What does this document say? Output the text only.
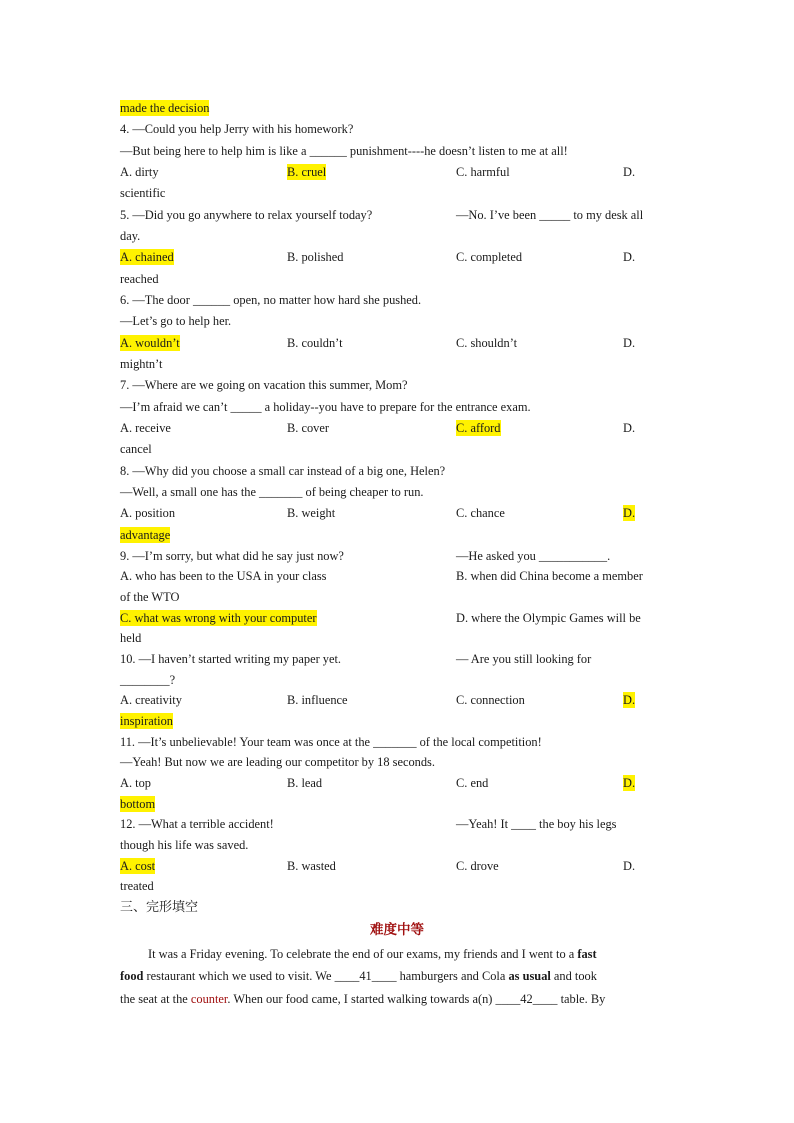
made the decision
4. —Could you help Jerry with his homework?
—But being here to help him is like a ______ punishment----he doesn’t listen to me at all!
A. dirty	B. cruel	C. harmful	D.
scientific
5. —Did you go anywhere to relax yourself today?	—No. I’ve been _____ to my desk all
day.
A. chained	B. polished	C. completed	D.
reached
6. —The door ______ open, no matter how hard she pushed.
—Let’s go to help her.
A. wouldn’t	B. couldn’t	C. shouldn’t	D.
mightn’t
7. —Where are we going on vacation this summer, Mom?
—I’m afraid we can’t _____ a holiday--you have to prepare for the entrance exam.
A. receive	B. cover	C. afford	D.
cancel
8. —Why did you choose a small car instead of a big one, Helen?
—Well, a small one has the _______ of being cheaper to run.
A. position	B. weight	C. chance	D.
advantage
9. —I’m sorry, but what did he say just now?	—He asked you ___________.
A. who has been to the USA in your class	B. when did China become a member
of the WTO
C. what was wrong with your computer	D. where the Olympic Games will be
held
10. —I haven’t started writing my paper yet.	— Are you still looking for
________?
A. creativity	B. influence	C. connection	D.
inspiration
11. —It’s unbelievable! Your team was once at the _______ of the local competition!
—Yeah! But now we are leading our competitor by 18 seconds.
A. top	B. lead	C. end	D.
bottom
12. —What a terrible accident!	—Yeah! It ____ the boy his legs
though his life was saved.
A. cost	B. wasted	C. drove	D.
treated
三、完形填空
难度中等
It was a Friday evening. To celebrate the end of our exams, my friends and I went to a fast
food restaurant which we used to visit. We ____41____ hamburgers and Cola as usual and took
the seat at the counter. When our food came, I started walking towards a(n) ____42____ table. By
